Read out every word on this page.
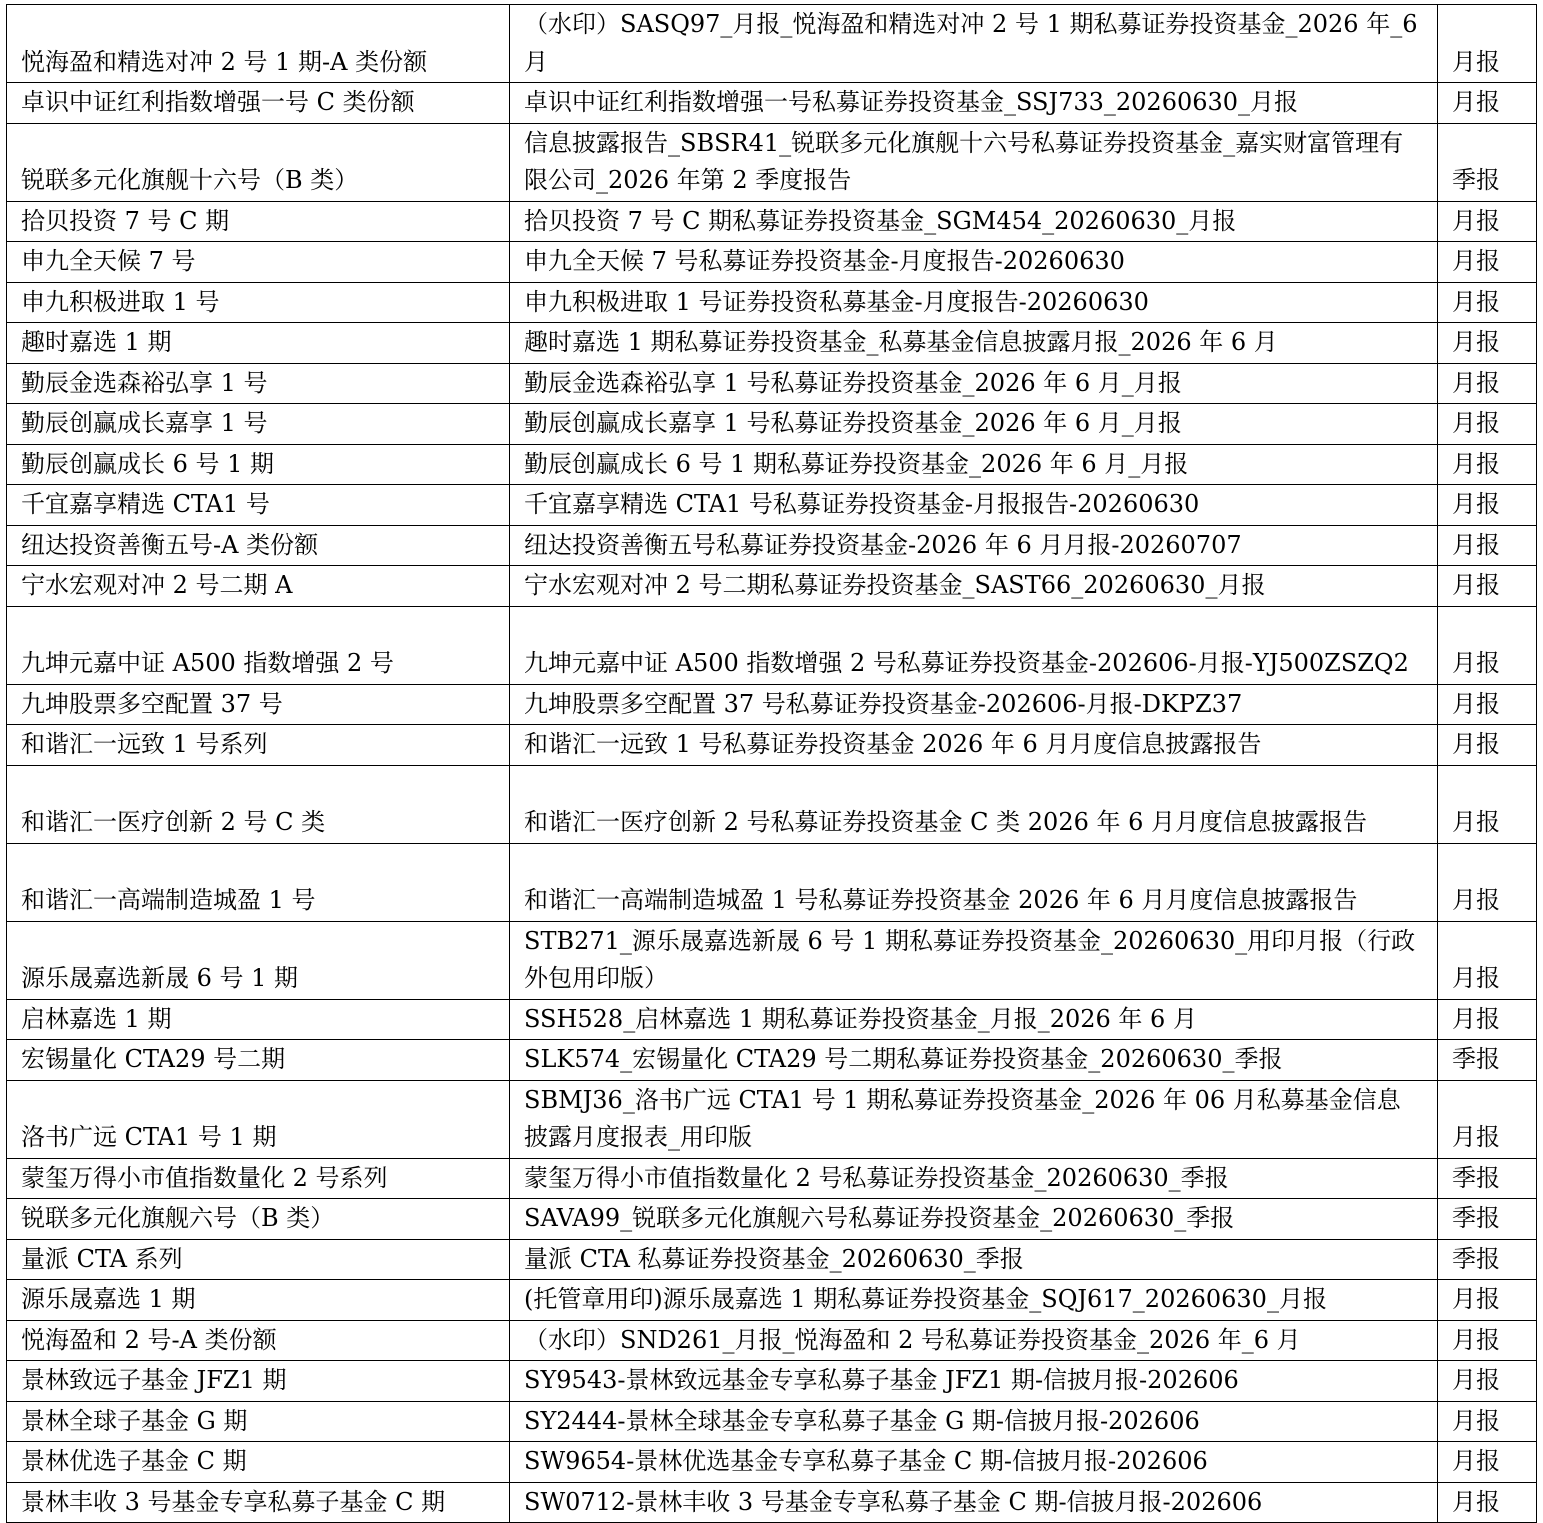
悦海盈和精选对冲 2 号 1 期-A 类份额	（水印）SASQ97_月报_悦海盈和精选对冲 2 号 1 期私募证券投资基金_2026 年_6 月	月报
卓识中证红利指数增强一号 C 类份额	卓识中证红利指数增强一号私募证券投资基金_SSJ733_20260630_月报	月报
锐联多元化旗舰十六号（B 类）	信息披露报告_SBSR41_锐联多元化旗舰十六号私募证券投资基金_嘉实财富管理有限公司_2026 年第 2 季度报告	季报
拾贝投资 7 号 C 期	拾贝投资 7 号 C 期私募证券投资基金_SGM454_20260630_月报	月报
申九全天候 7 号	申九全天候 7 号私募证券投资基金-月度报告-20260630	月报
申九积极进取 1 号	申九积极进取 1 号证券投资私募基金-月度报告-20260630	月报
趣时嘉选 1 期	趣时嘉选 1 期私募证券投资基金_私募基金信息披露月报_2026 年 6 月	月报
勤辰金选森裕弘享 1 号	勤辰金选森裕弘享 1 号私募证券投资基金_2026 年 6 月_月报	月报
勤辰创赢成长嘉享 1 号	勤辰创赢成长嘉享 1 号私募证券投资基金_2026 年 6 月_月报	月报
勤辰创赢成长 6 号 1 期	勤辰创赢成长 6 号 1 期私募证券投资基金_2026 年 6 月_月报	月报
千宜嘉享精选 CTA1 号	千宜嘉享精选 CTA1 号私募证券投资基金-月报报告-20260630	月报
纽达投资善衡五号-A 类份额	纽达投资善衡五号私募证券投资基金-2026 年 6 月月报-20260707	月报
宁水宏观对冲 2 号二期 A	宁水宏观对冲 2 号二期私募证券投资基金_SAST66_20260630_月报	月报
九坤元嘉中证 A500 指数增强 2 号	九坤元嘉中证 A500 指数增强 2 号私募证券投资基金-202606-月报-YJ500ZSZQ2	月报
九坤股票多空配置 37 号	九坤股票多空配置 37 号私募证券投资基金-202606-月报-DKPZ37	月报
和谐汇一远致 1 号系列	和谐汇一远致 1 号私募证券投资基金 2026 年 6 月月度信息披露报告	月报
和谐汇一医疗创新 2 号 C 类	和谐汇一医疗创新 2 号私募证券投资基金 C 类 2026 年 6 月月度信息披露报告	月报
和谐汇一高端制造城盈 1 号	和谐汇一高端制造城盈 1 号私募证券投资基金 2026 年 6 月月度信息披露报告	月报
源乐晟嘉选新晟 6 号 1 期	STB271_源乐晟嘉选新晟 6 号 1 期私募证券投资基金_20260630_用印月报（行政外包用印版）	月报
启林嘉选 1 期	SSH528_启林嘉选 1 期私募证券投资基金_月报_2026 年 6 月	月报
宏锡量化 CTA29 号二期	SLK574_宏锡量化 CTA29 号二期私募证券投资基金_20260630_季报	季报
洛书广远 CTA1 号 1 期	SBMJ36_洛书广远 CTA1 号 1 期私募证券投资基金_2026 年 06 月私募基金信息披露月度报表_用印版	月报
蒙玺万得小市值指数量化 2 号系列	蒙玺万得小市值指数量化 2 号私募证券投资基金_20260630_季报	季报
锐联多元化旗舰六号（B 类）	SAVA99_锐联多元化旗舰六号私募证券投资基金_20260630_季报	季报
量派 CTA 系列	量派 CTA 私募证券投资基金_20260630_季报	季报
源乐晟嘉选 1 期	(托管章用印)源乐晟嘉选 1 期私募证券投资基金_SQJ617_20260630_月报	月报
悦海盈和 2 号-A 类份额	（水印）SND261_月报_悦海盈和 2 号私募证券投资基金_2026 年_6 月	月报
景林致远子基金 JFZ1 期	SY9543-景林致远基金专享私募子基金 JFZ1 期-信披月报-202606	月报
景林全球子基金 G 期	SY2444-景林全球基金专享私募子基金 G 期-信披月报-202606	月报
景林优选子基金 C 期	SW9654-景林优选基金专享私募子基金 C 期-信披月报-202606	月报
景林丰收 3 号基金专享私募子基金 C 期	SW0712-景林丰收 3 号基金专享私募子基金 C 期-信披月报-202606	月报
